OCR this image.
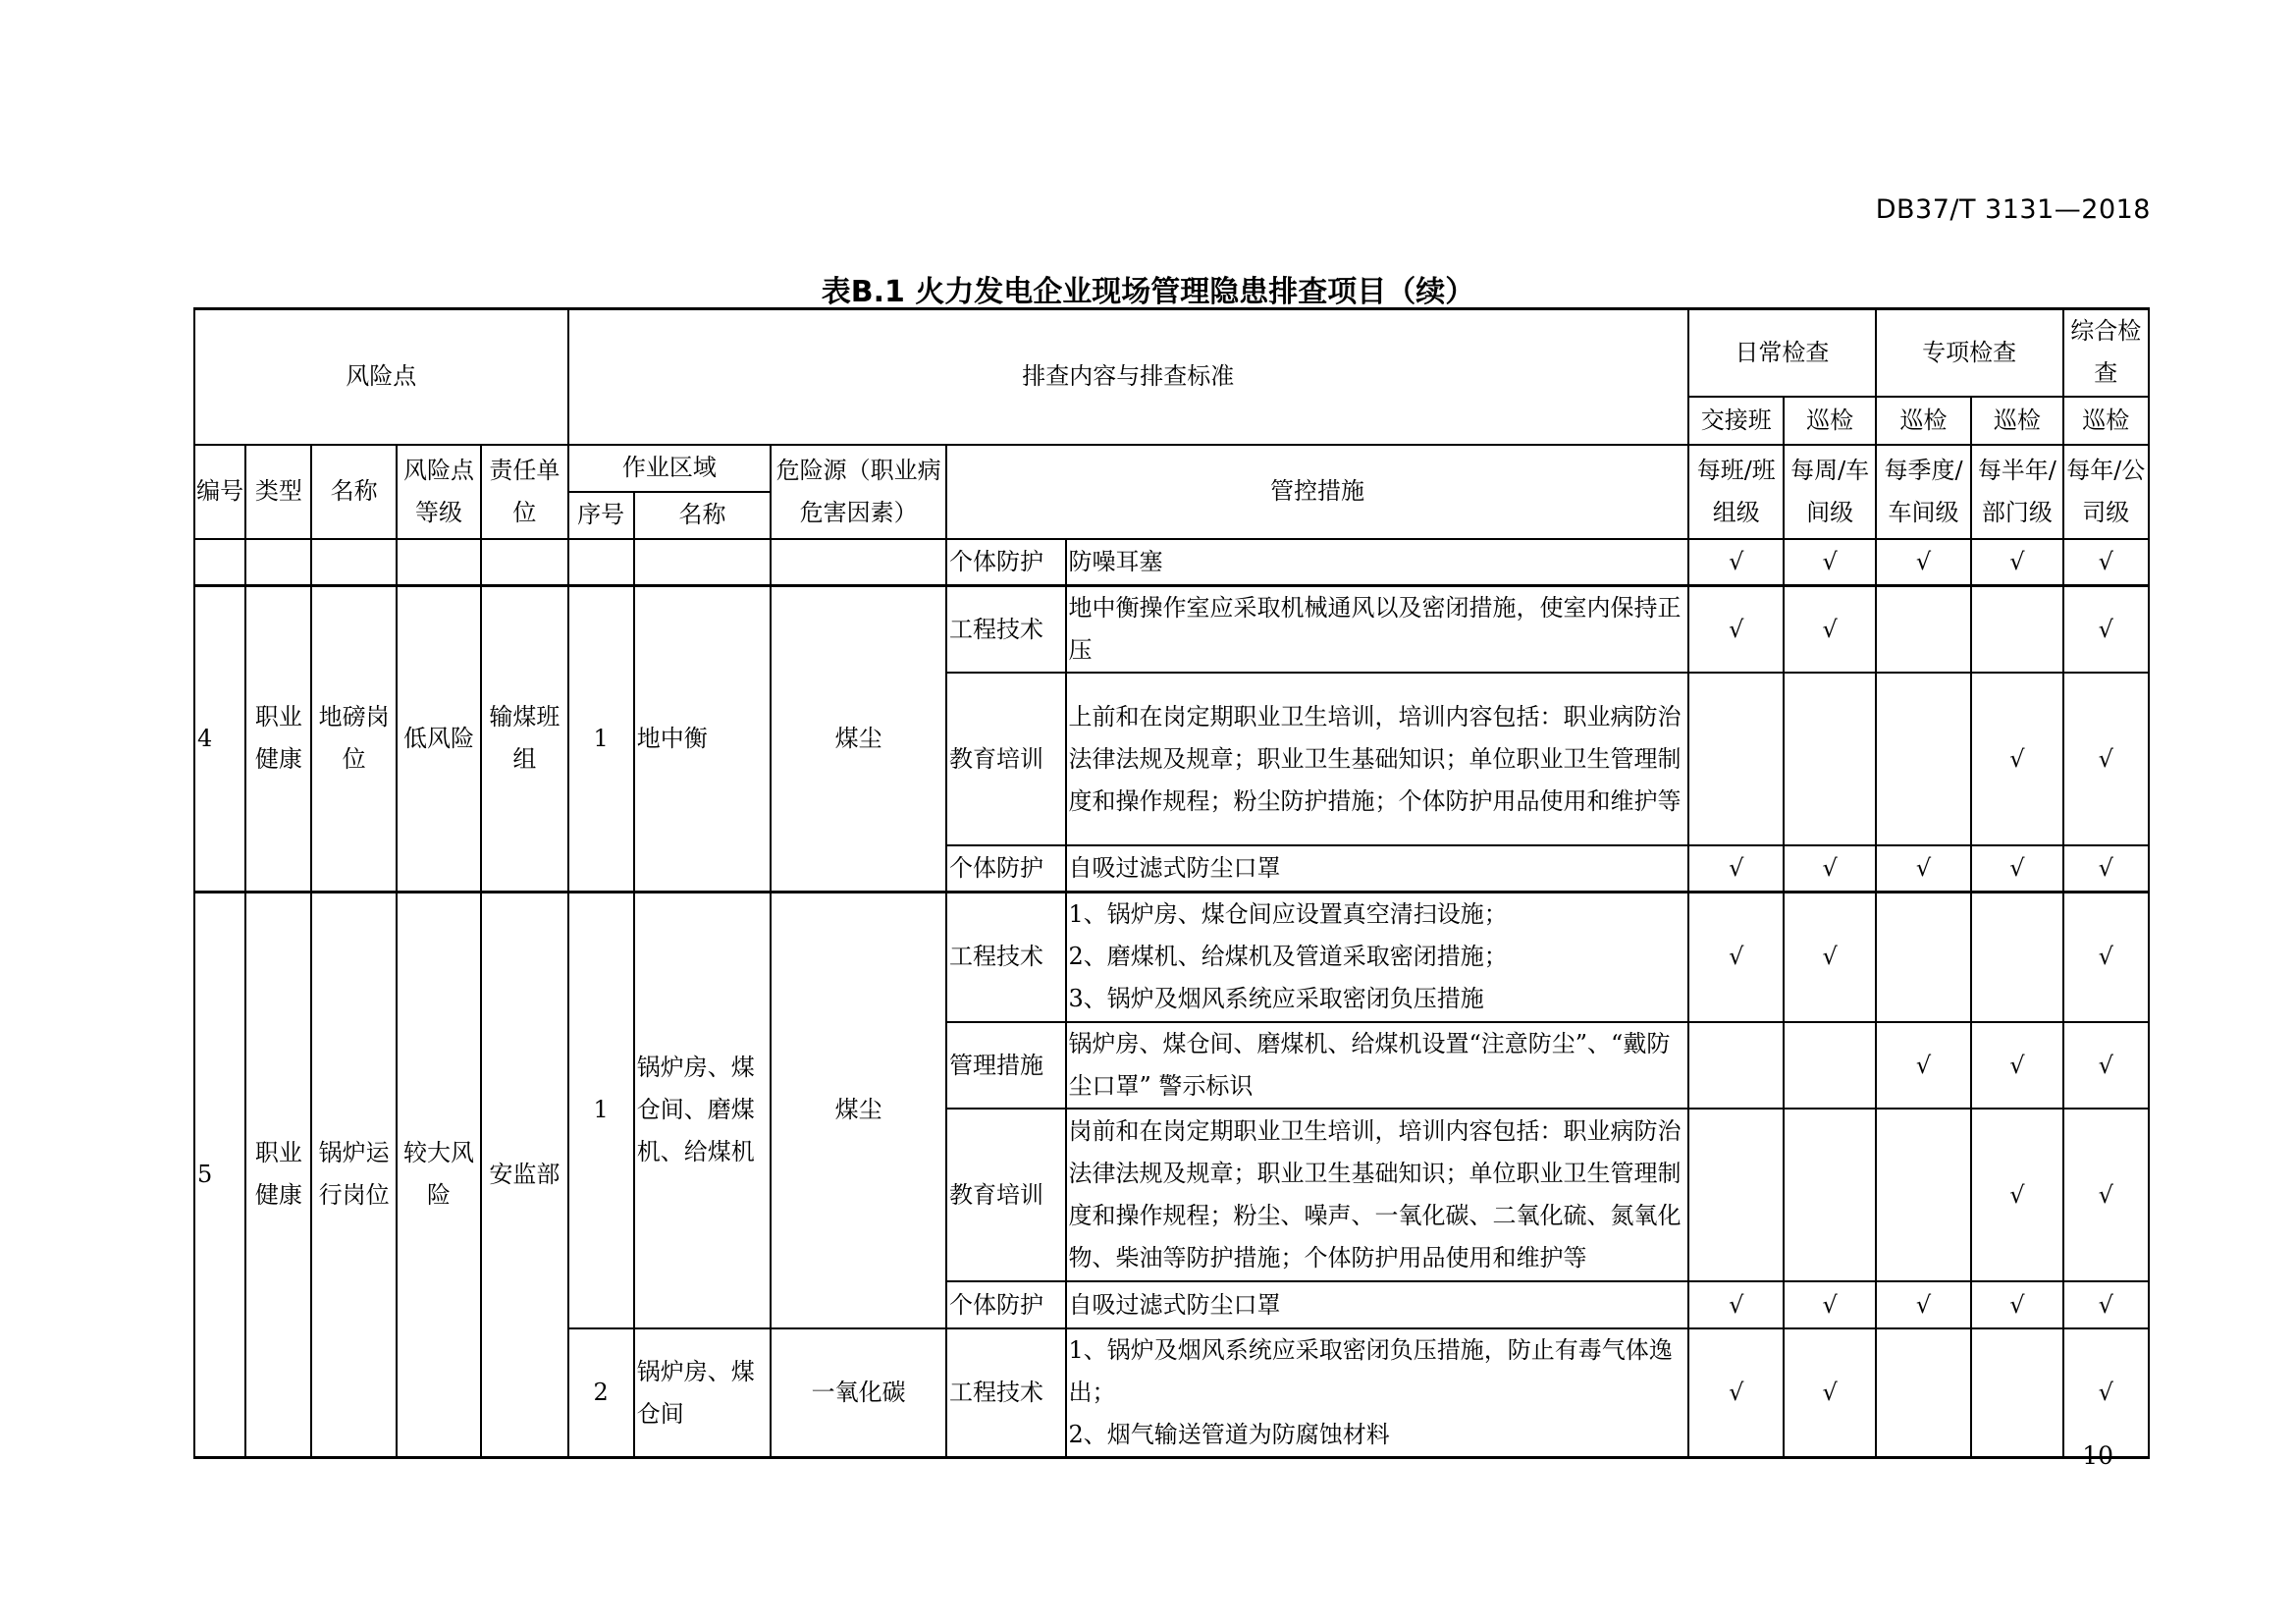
DB37/T 3131—2018
表B.1 火力发电企业现场管理隐患排查项目（续）
风险点					排查内容与排查标准					日常检查		专项检查		综合检查
										交接班	巡检	巡检	巡检	巡检
编号	类型	名称	风险点等级	责任单位	作业区域		危险源（职业病危害因素）	管控措施		每班/班组级	每周/车间级	每季度/车间级	每半年/部门级	每年/公司级
					序号	名称								
								个体防护	防噪耳塞	√	√	√	√	√
4	职业健康	地磅岗位	低风险	输煤班组	1	地中衡	煤尘	工程技术	地中衡操作室应采取机械通风以及密闭措施，使室内保持正压	√	√			√
								教育培训	上前和在岗定期职业卫生培训，培训内容包括：职业病防治法律法规及规章；职业卫生基础知识；单位职业卫生管理制度和操作规程；粉尘防护措施；个体防护用品使用和维护等				√	√
								个体防护	自吸过滤式防尘口罩	√	√	√	√	√
5	职业健康	锅炉运行岗位	较大风险	安监部	1	锅炉房、煤仓间、磨煤机、给煤机	煤尘	工程技术	1、锅炉房、煤仓间应设置真空清扫设施；
2、磨煤机、给煤机及管道采取密闭措施；
3、锅炉及烟风系统应采取密闭负压措施	√	√			√
								管理措施	锅炉房、煤仓间、磨煤机、给煤机设置“注意防尘”、“戴防尘口罩” 警示标识			√	√	√
								教育培训	岗前和在岗定期职业卫生培训，培训内容包括：职业病防治法律法规及规章；职业卫生基础知识；单位职业卫生管理制度和操作规程；粉尘、噪声、一氧化碳、二氧化硫、氮氧化物、柴油等防护措施；个体防护用品使用和维护等				√	√
								个体防护	自吸过滤式防尘口罩	√	√	√	√	√
					2	锅炉房、煤仓间	一氧化碳	工程技术	1、锅炉及烟风系统应采取密闭负压措施，防止有毒气体逸出；
2、烟气输送管道为防腐蚀材料	√	√			√
10
